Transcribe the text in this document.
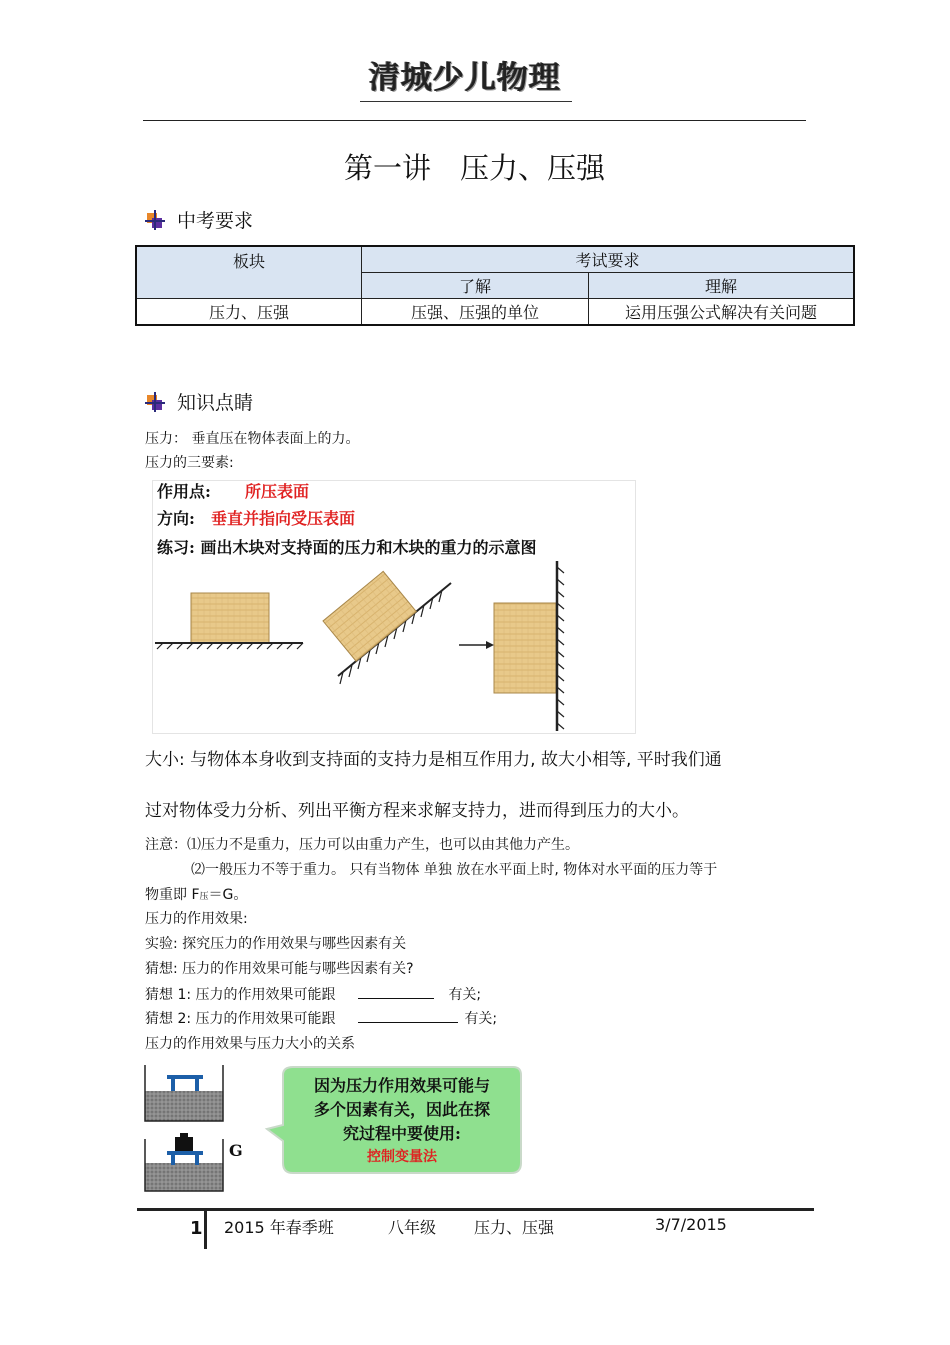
清城少儿物理
第一讲　压力、压强
中考要求
板块	考试要求	
	了解	理解
压力、压强	压强、压强的单位	运用压强公式解决有关问题
知识点睛
压力： 垂直压在物体表面上的力。
压力的三要素:
作用点: 所压表面
方向: 垂直并指向受压表面
练习: 画出木块对支持面的压力和木块的重力的示意图
大小: 与物体本身收到支持面的支持力是相互作用力, 故大小相等, 平时我们通
过对物体受力分析、列出平衡方程来求解支持力，进而得到压力的大小。
注意：⑴压力不是重力，压力可以由重力产生，也可以由其他力产生。
⑵一般压力不等于重力。 只有当物体 单独 放在水平面上时, 物体对水平面的压力等于
物重即 F压＝G。
压力的作用效果:
实验: 探究压力的作用效果与哪些因素有关
猜想: 压力的作用效果可能与哪些因素有关?
猜想 1: 压力的作用效果可能跟	有关;
猜想 2: 压力的作用效果可能跟	有关;
压力的作用效果与压力大小的关系
G
因为压力作用效果可能与
多个因素有关，因此在探
究过程中要使用:
控制变量法
1 2015 年春季班	八年级 压力、压强	3/7/2015
